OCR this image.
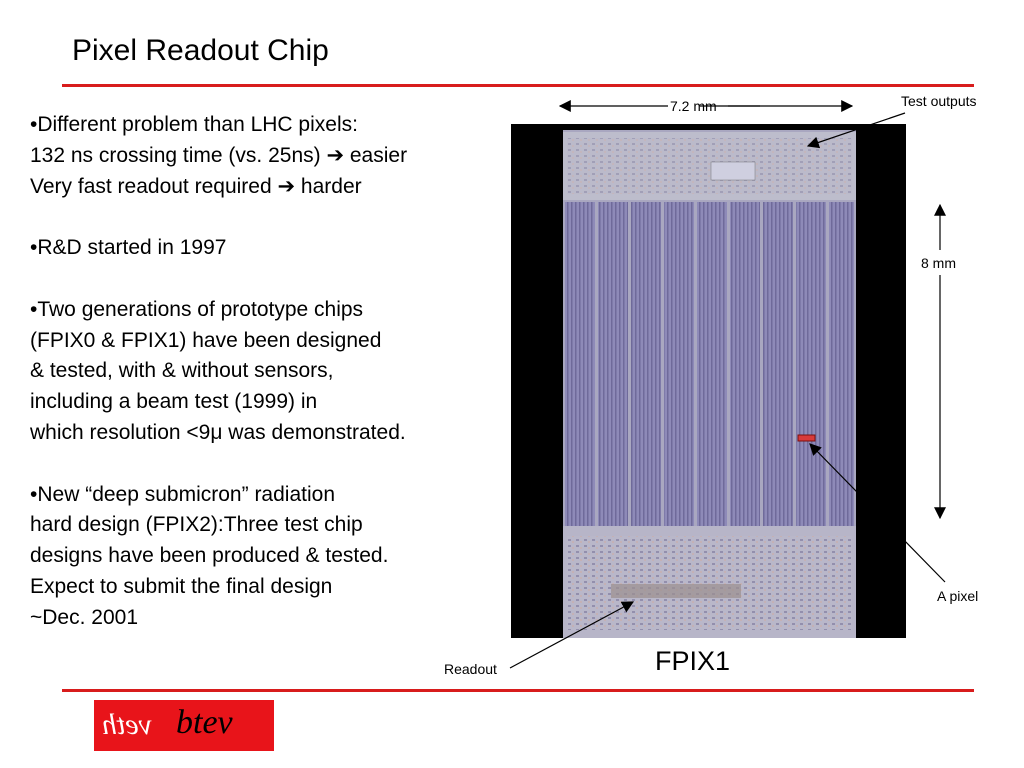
Pixel Readout Chip
•Different problem than LHC pixels:
132 ns crossing time (vs. 25ns) ➔ easier
Very fast readout required ➔ harder
•R&D started in 1997
•Two generations of prototype chips
(FPIX0 & FPIX1) have been designed
& tested, with & without sensors,
including a beam test (1999) in
which resolution <9μ was demonstrated.
•New “deep submicron” radiation
hard design (FPIX2):Three test chip
designs have been produced & tested.
Expect to submit the final design
~Dec. 2001
7.2 mm	Test outputs
8 mm
A pixel
Readout	FPIX1
veth btev
